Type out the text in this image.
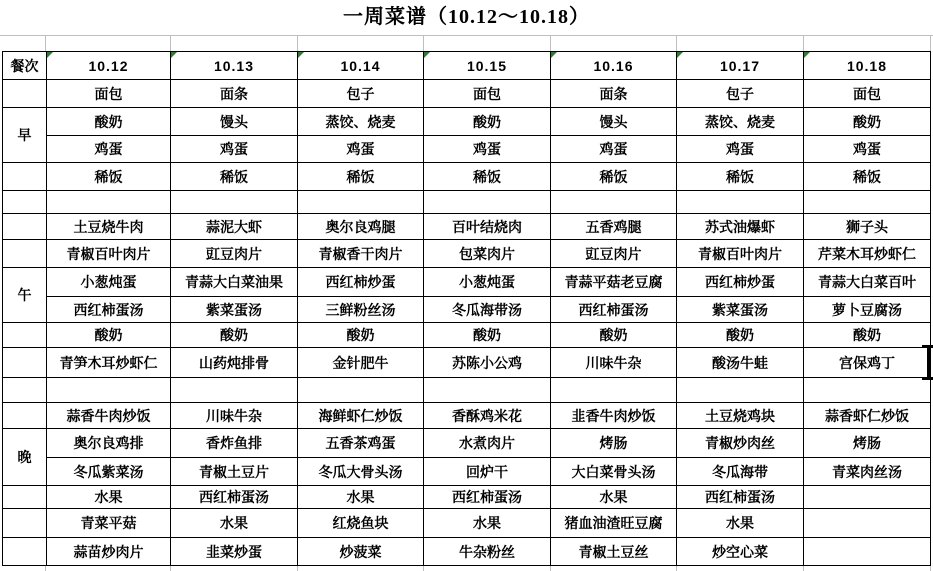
一周菜谱（10.12～10.18）
餐次	10.12	10.13	10.14	10.15	10.16	10.17	10.18
	面包	面条	包子	面包	面条	包子	面包
早	酸奶	馒头	蒸饺、烧麦	酸奶	馒头	蒸饺、烧麦	酸奶
	鸡蛋	鸡蛋	鸡蛋	鸡蛋	鸡蛋	鸡蛋	鸡蛋
	稀饭	稀饭	稀饭	稀饭	稀饭	稀饭	稀饭

	土豆烧牛肉	蒜泥大虾	奥尔良鸡腿	百叶结烧肉	五香鸡腿	苏式油爆虾	狮子头
	青椒百叶肉片	豇豆肉片	青椒香干肉片	包菜肉片	豇豆肉片	青椒百叶肉片	芹菜木耳炒虾仁
午	小葱炖蛋	青蒜大白菜油果	西红柿炒蛋	小葱炖蛋	青蒜平菇老豆腐	西红柿炒蛋	青蒜大白菜百叶
	西红柿蛋汤	紫菜蛋汤	三鲜粉丝汤	冬瓜海带汤	西红柿蛋汤	紫菜蛋汤	萝卜豆腐汤
	酸奶	酸奶	酸奶	酸奶	酸奶	酸奶	酸奶
	青笋木耳炒虾仁	山药炖排骨	金针肥牛	苏陈小公鸡	川味牛杂	酸汤牛蛙	宫保鸡丁

	蒜香牛肉炒饭	川味牛杂	海鲜虾仁炒饭	香酥鸡米花	韭香牛肉炒饭	土豆烧鸡块	蒜香虾仁炒饭
晚	奥尔良鸡排	香炸鱼排	五香茶鸡蛋	水煮肉片	烤肠	青椒炒肉丝	烤肠
	冬瓜紫菜汤	青椒土豆片	冬瓜大骨头汤	回炉干	大白菜骨头汤	冬瓜海带	青菜肉丝汤
	水果	西红柿蛋汤	水果	西红柿蛋汤	水果	西红柿蛋汤	
	青菜平菇	水果	红烧鱼块	水果	猪血油渣旺豆腐	水果	
	蒜苗炒肉片	韭菜炒蛋	炒菠菜	牛杂粉丝	青椒土豆丝	炒空心菜	
